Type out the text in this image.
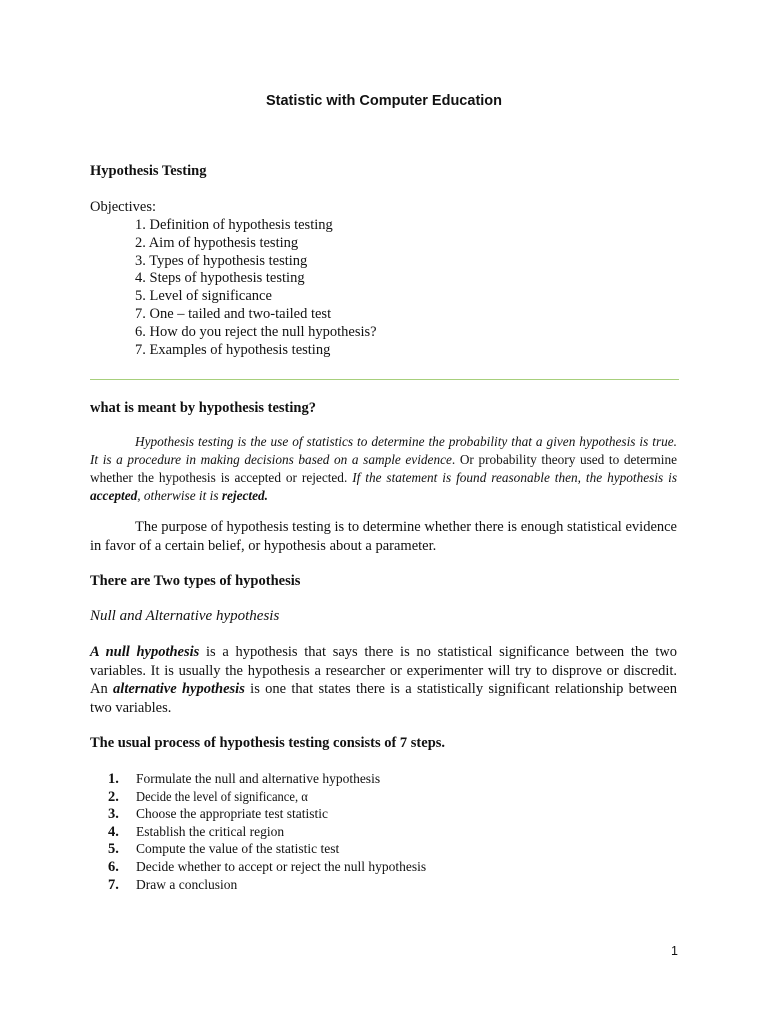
Statistic with Computer Education
Hypothesis Testing

Objectives:

1. Definition of hypothesis testing
2. Aim of hypothesis testing
3. Types of hypothesis testing
4. Steps of hypothesis testing
5. Level of significance
7. One – tailed and two-tailed test
6. How do you reject the null hypothesis?
7. Examples of hypothesis testing
what is meant by hypothesis testing?

Hypothesis testing is the use of statistics to determine the probability that a given hypothesis is true. It is a procedure in making decisions based on a sample evidence. Or probability theory used to determine whether the hypothesis is accepted or rejected. If the statement is found reasonable then, the hypothesis is accepted, otherwise it is rejected.

The purpose of hypothesis testing is to determine whether there is enough statistical evidence in favor of a certain belief, or hypothesis about a parameter.

There are Two types of hypothesis

Null and Alternative hypothesis

A null hypothesis is a hypothesis that says there is no statistical significance between the two variables. It is usually the hypothesis a researcher or experimenter will try to disprove or discredit. An alternative hypothesis is one that states there is a statistically significant relationship between two variables.

The usual process of hypothesis testing consists of 7 steps.
1. Formulate the null and alternative hypothesis
2. Decide the level of significance, α
3. Choose the appropriate test statistic
4. Establish the critical region
5. Compute the value of the statistic test
6. Decide whether to accept or reject the null hypothesis
7. Draw a conclusion
1
